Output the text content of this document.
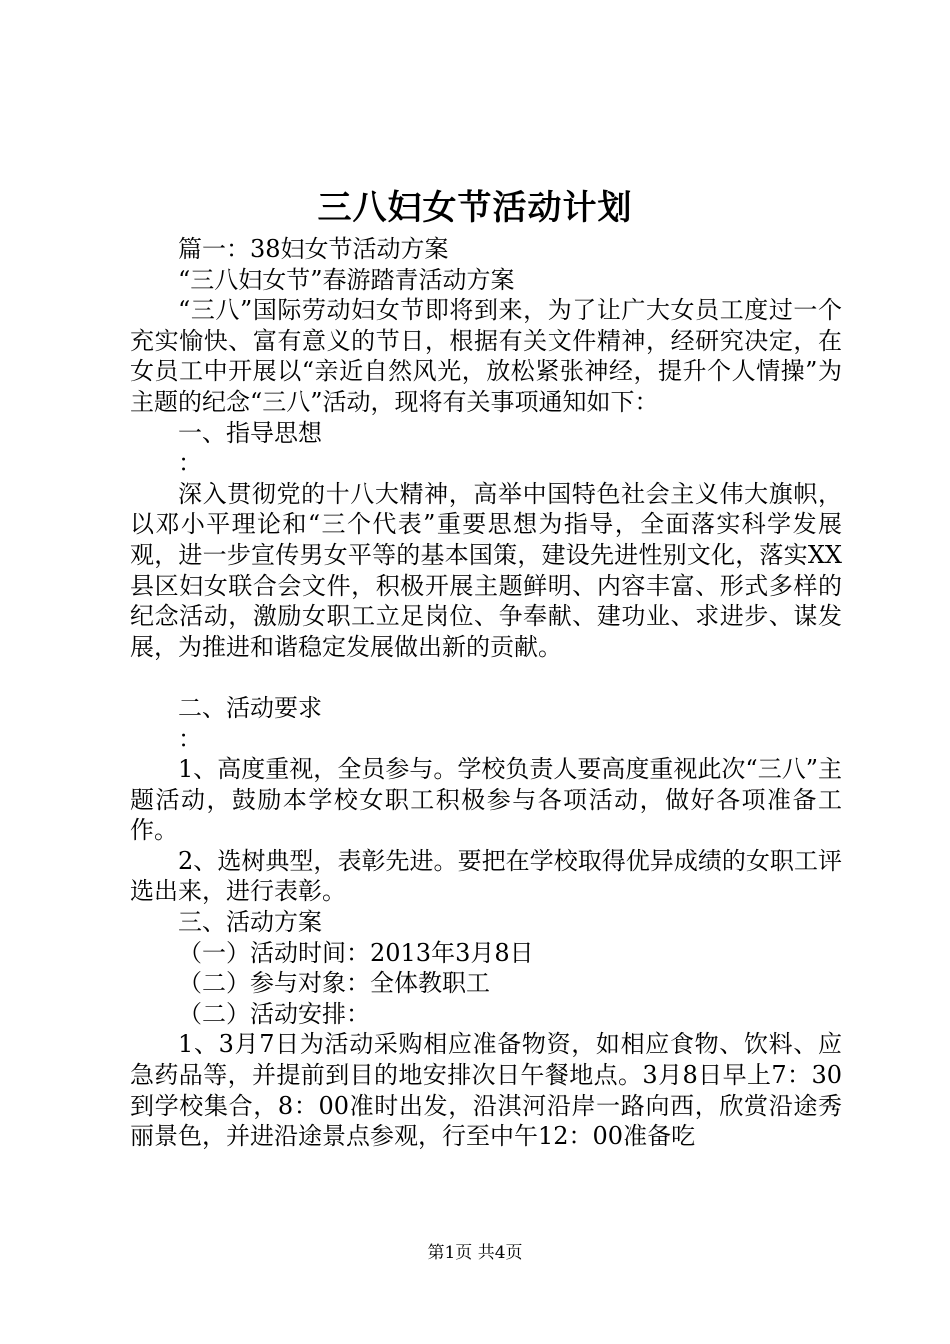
三八妇女节活动计划

篇一：38妇女节活动方案

“三八妇女节”春游踏青活动方案

“三八”国际劳动妇女节即将到来，为了让广大女员工度过一个充实愉快、富有意义的节日，根据有关文件精神，经研究决定，在女员工中开展以“亲近自然风光，放松紧张神经，提升个人情操”为主题的纪念“三八”活动，现将有关事项通知如下：

一、指导思想

：

深入贯彻党的十八大精神，高举中国特色社会主义伟大旗帜，以邓小平理论和“三个代表”重要思想为指导，全面落实科学发展观，进一步宣传男女平等的基本国策，建设先进性别文化，落实XX县区妇女联合会文件，积极开展主题鲜明、内容丰富、形式多样的纪念活动，激励女职工立足岗位、争奉献、建功业、求进步、谋发展，为推进和谐稳定发展做出新的贡献。

二、活动要求

：

1、高度重视，全员参与。学校负责人要高度重视此次“三八”主题活动，鼓励本学校女职工积极参与各项活动，做好各项准备工作。

2、选树典型，表彰先进。要把在学校取得优异成绩的女职工评选出来，进行表彰。

三、活动方案

（一）活动时间：2013年3月8日

（二）参与对象：全体教职工

（二）活动安排：

1、3月7日为活动采购相应准备物资，如相应食物、饮料、应急药品等，并提前到目的地安排次日午餐地点。3月8日早上7：30到学校集合，8：00准时出发，沿淇河沿岸一路向西，欣赏沿途秀丽景色，并进沿途景点参观，行至中午12：00准备吃

第1页 共4页
